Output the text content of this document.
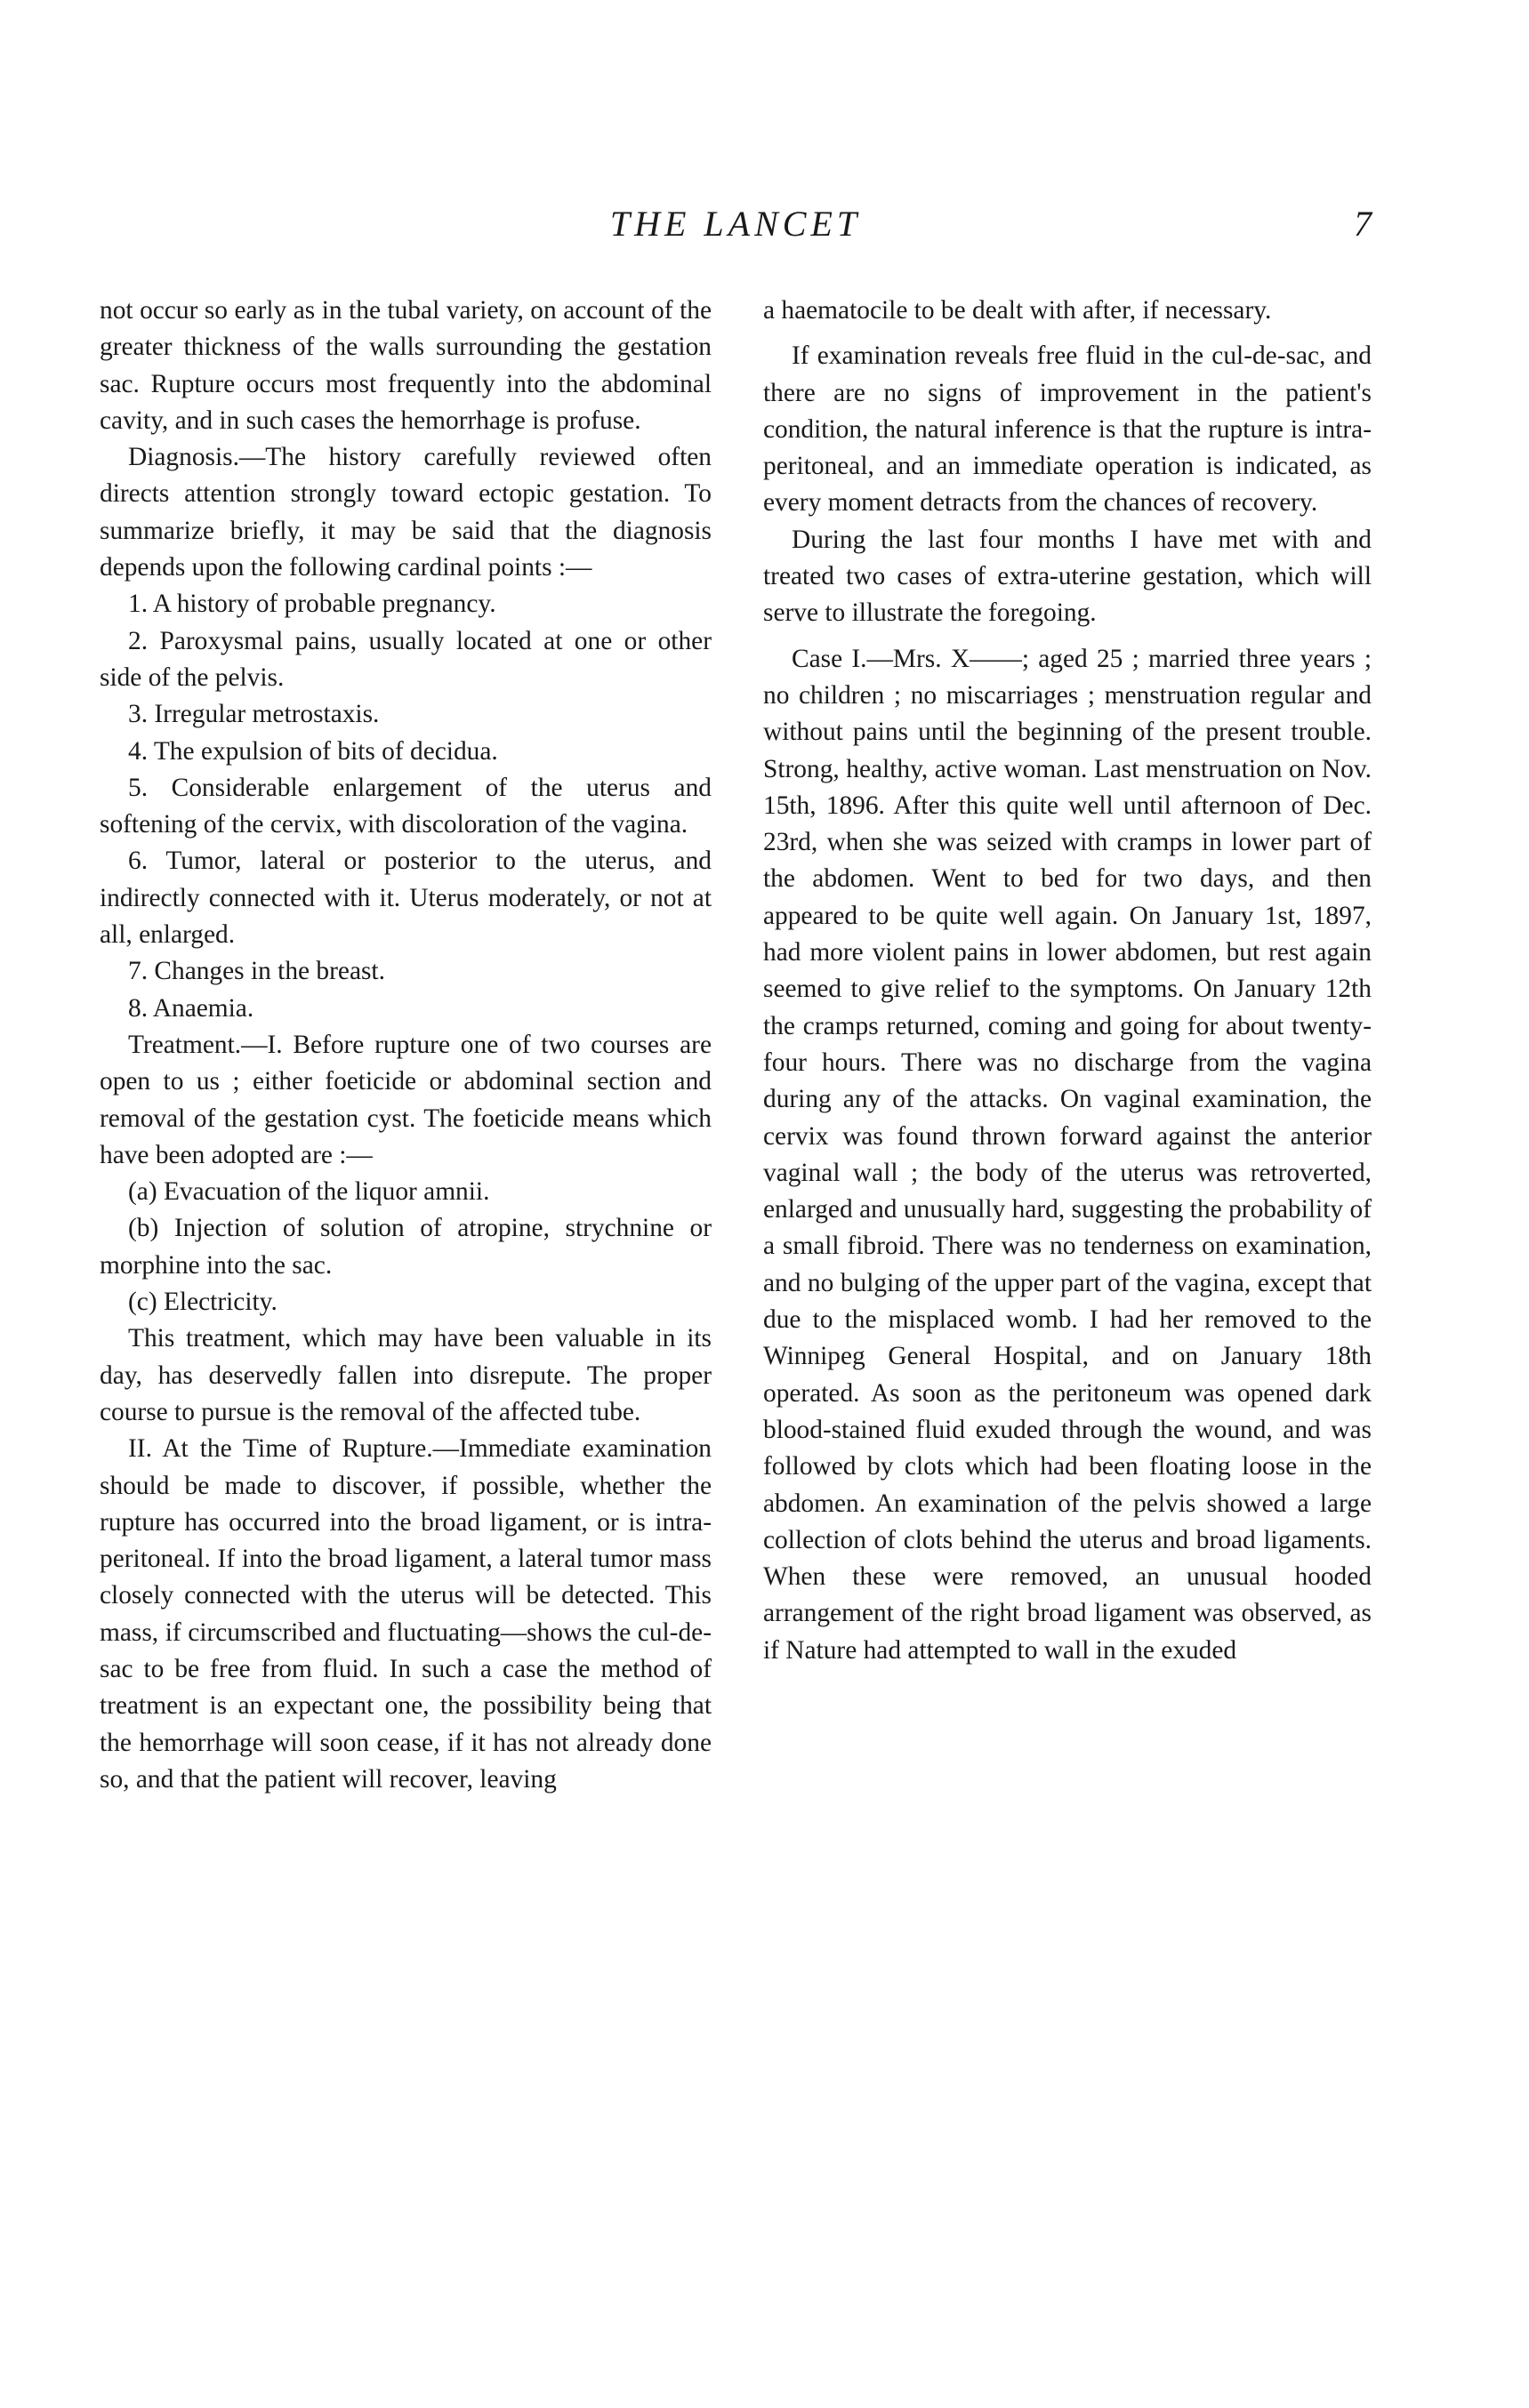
THE LANCET	7

not occur so early as in the tubal variety, on account of the greater thickness of the walls surrounding the gestation sac. Rupture occurs most frequently into the abdominal cavity, and in such cases the hemorrhage is profuse.

Diagnosis.—The history carefully reviewed often directs attention strongly toward ectopic gestation. To summarize briefly, it may be said that the diagnosis depends upon the following cardinal points :—

1. A history of probable pregnancy.

2. Paroxysmal pains, usually located at one or other side of the pelvis.

3. Irregular metrostaxis.

4. The expulsion of bits of decidua.

5. Considerable enlargement of the uterus and softening of the cervix, with discoloration of the vagina.

6. Tumor, lateral or posterior to the uterus, and indirectly connected with it. Uterus moderately, or not at all, enlarged.

7. Changes in the breast.

8. Anaemia.

Treatment.—I. Before rupture one of two courses are open to us ; either foeticide or abdominal section and removal of the gestation cyst. The foeticide means which have been adopted are :—

(a) Evacuation of the liquor amnii.

(b) Injection of solution of atropine, strychnine or morphine into the sac.

(c) Electricity.

This treatment, which may have been valuable in its day, has deservedly fallen into disrepute. The proper course to pursue is the removal of the affected tube.

II. At the Time of Rupture.—Immediate examination should be made to discover, if possible, whether the rupture has occurred into the broad ligament, or is intra-peritoneal. If into the broad ligament, a lateral tumor mass closely connected with the uterus will be detected. This mass, if circumscribed and fluctuating—shows the cul-de-sac to be free from fluid. In such a case the method of treatment is an expectant one, the possibility being that the hemorrhage will soon cease, if it has not already done so, and that the patient will recover, leaving

a haematocile to be dealt with after, if necessary.

If examination reveals free fluid in the cul-de-sac, and there are no signs of improvement in the patient's condition, the natural inference is that the rupture is intra-peritoneal, and an immediate operation is indicated, as every moment detracts from the chances of recovery.

During the last four months I have met with and treated two cases of extra-uterine gestation, which will serve to illustrate the foregoing.

Case I.—Mrs. X——; aged 25 ; married three years ; no children ; no miscarriages ; menstruation regular and without pains until the beginning of the present trouble. Strong, healthy, active woman. Last menstruation on Nov. 15th, 1896. After this quite well until afternoon of Dec. 23rd, when she was seized with cramps in lower part of the abdomen. Went to bed for two days, and then appeared to be quite well again. On January 1st, 1897, had more violent pains in lower abdomen, but rest again seemed to give relief to the symptoms. On January 12th the cramps returned, coming and going for about twenty-four hours. There was no discharge from the vagina during any of the attacks. On vaginal examination, the cervix was found thrown forward against the anterior vaginal wall ; the body of the uterus was retroverted, enlarged and unusually hard, suggesting the probability of a small fibroid. There was no tenderness on examination, and no bulging of the upper part of the vagina, except that due to the misplaced womb. I had her removed to the Winnipeg General Hospital, and on January 18th operated. As soon as the peritoneum was opened dark blood-stained fluid exuded through the wound, and was followed by clots which had been floating loose in the abdomen. An examination of the pelvis showed a large collection of clots behind the uterus and broad ligaments. When these were removed, an unusual hooded arrangement of the right broad ligament was observed, as if Nature had attempted to wall in the exuded
